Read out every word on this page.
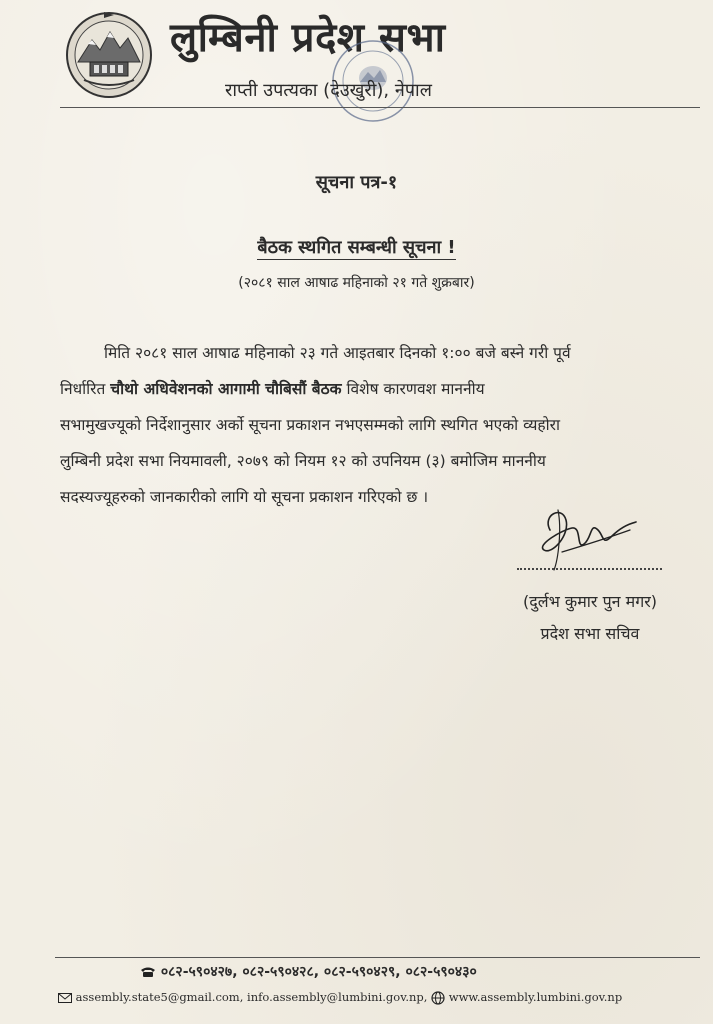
लुम्बिनी प्रदेश सभा
राप्ती उपत्यका (देउखुरी), नेपाल
सूचना पत्र-१
बैठक स्थगित सम्बन्धी सूचना !
(२०८१ साल आषाढ महिनाको २१ गते शुक्रबार)
मिति २०८१ साल आषाढ महिनाको २३ गते आइतबार दिनको १:०० बजे बस्ने गरी पूर्व
निर्धारित चौथो अधिवेशनको आगामी चौबिसौं बैठक विशेष कारणवश माननीय
सभामुखज्यूको निर्देशानुसार अर्को सूचना प्रकाशन नभएसम्मको लागि स्थगित भएको व्यहोरा
लुम्बिनी प्रदेश सभा नियमावली, २०७९ को नियम १२ को उपनियम (३) बमोजिम माननीय
सदस्यज्यूहरुको जानकारीको लागि यो सूचना प्रकाशन गरिएको छ ।
(दुर्लभ कुमार पुन मगर)
प्रदेश सभा सचिव
०८२-५९०४२७, ०८२-५९०४२८, ०८२-५९०४२९, ०८२-५९०४३०
assembly.state5@gmail.com, info.assembly@lumbini.gov.np, www.assembly.lumbini.gov.np
